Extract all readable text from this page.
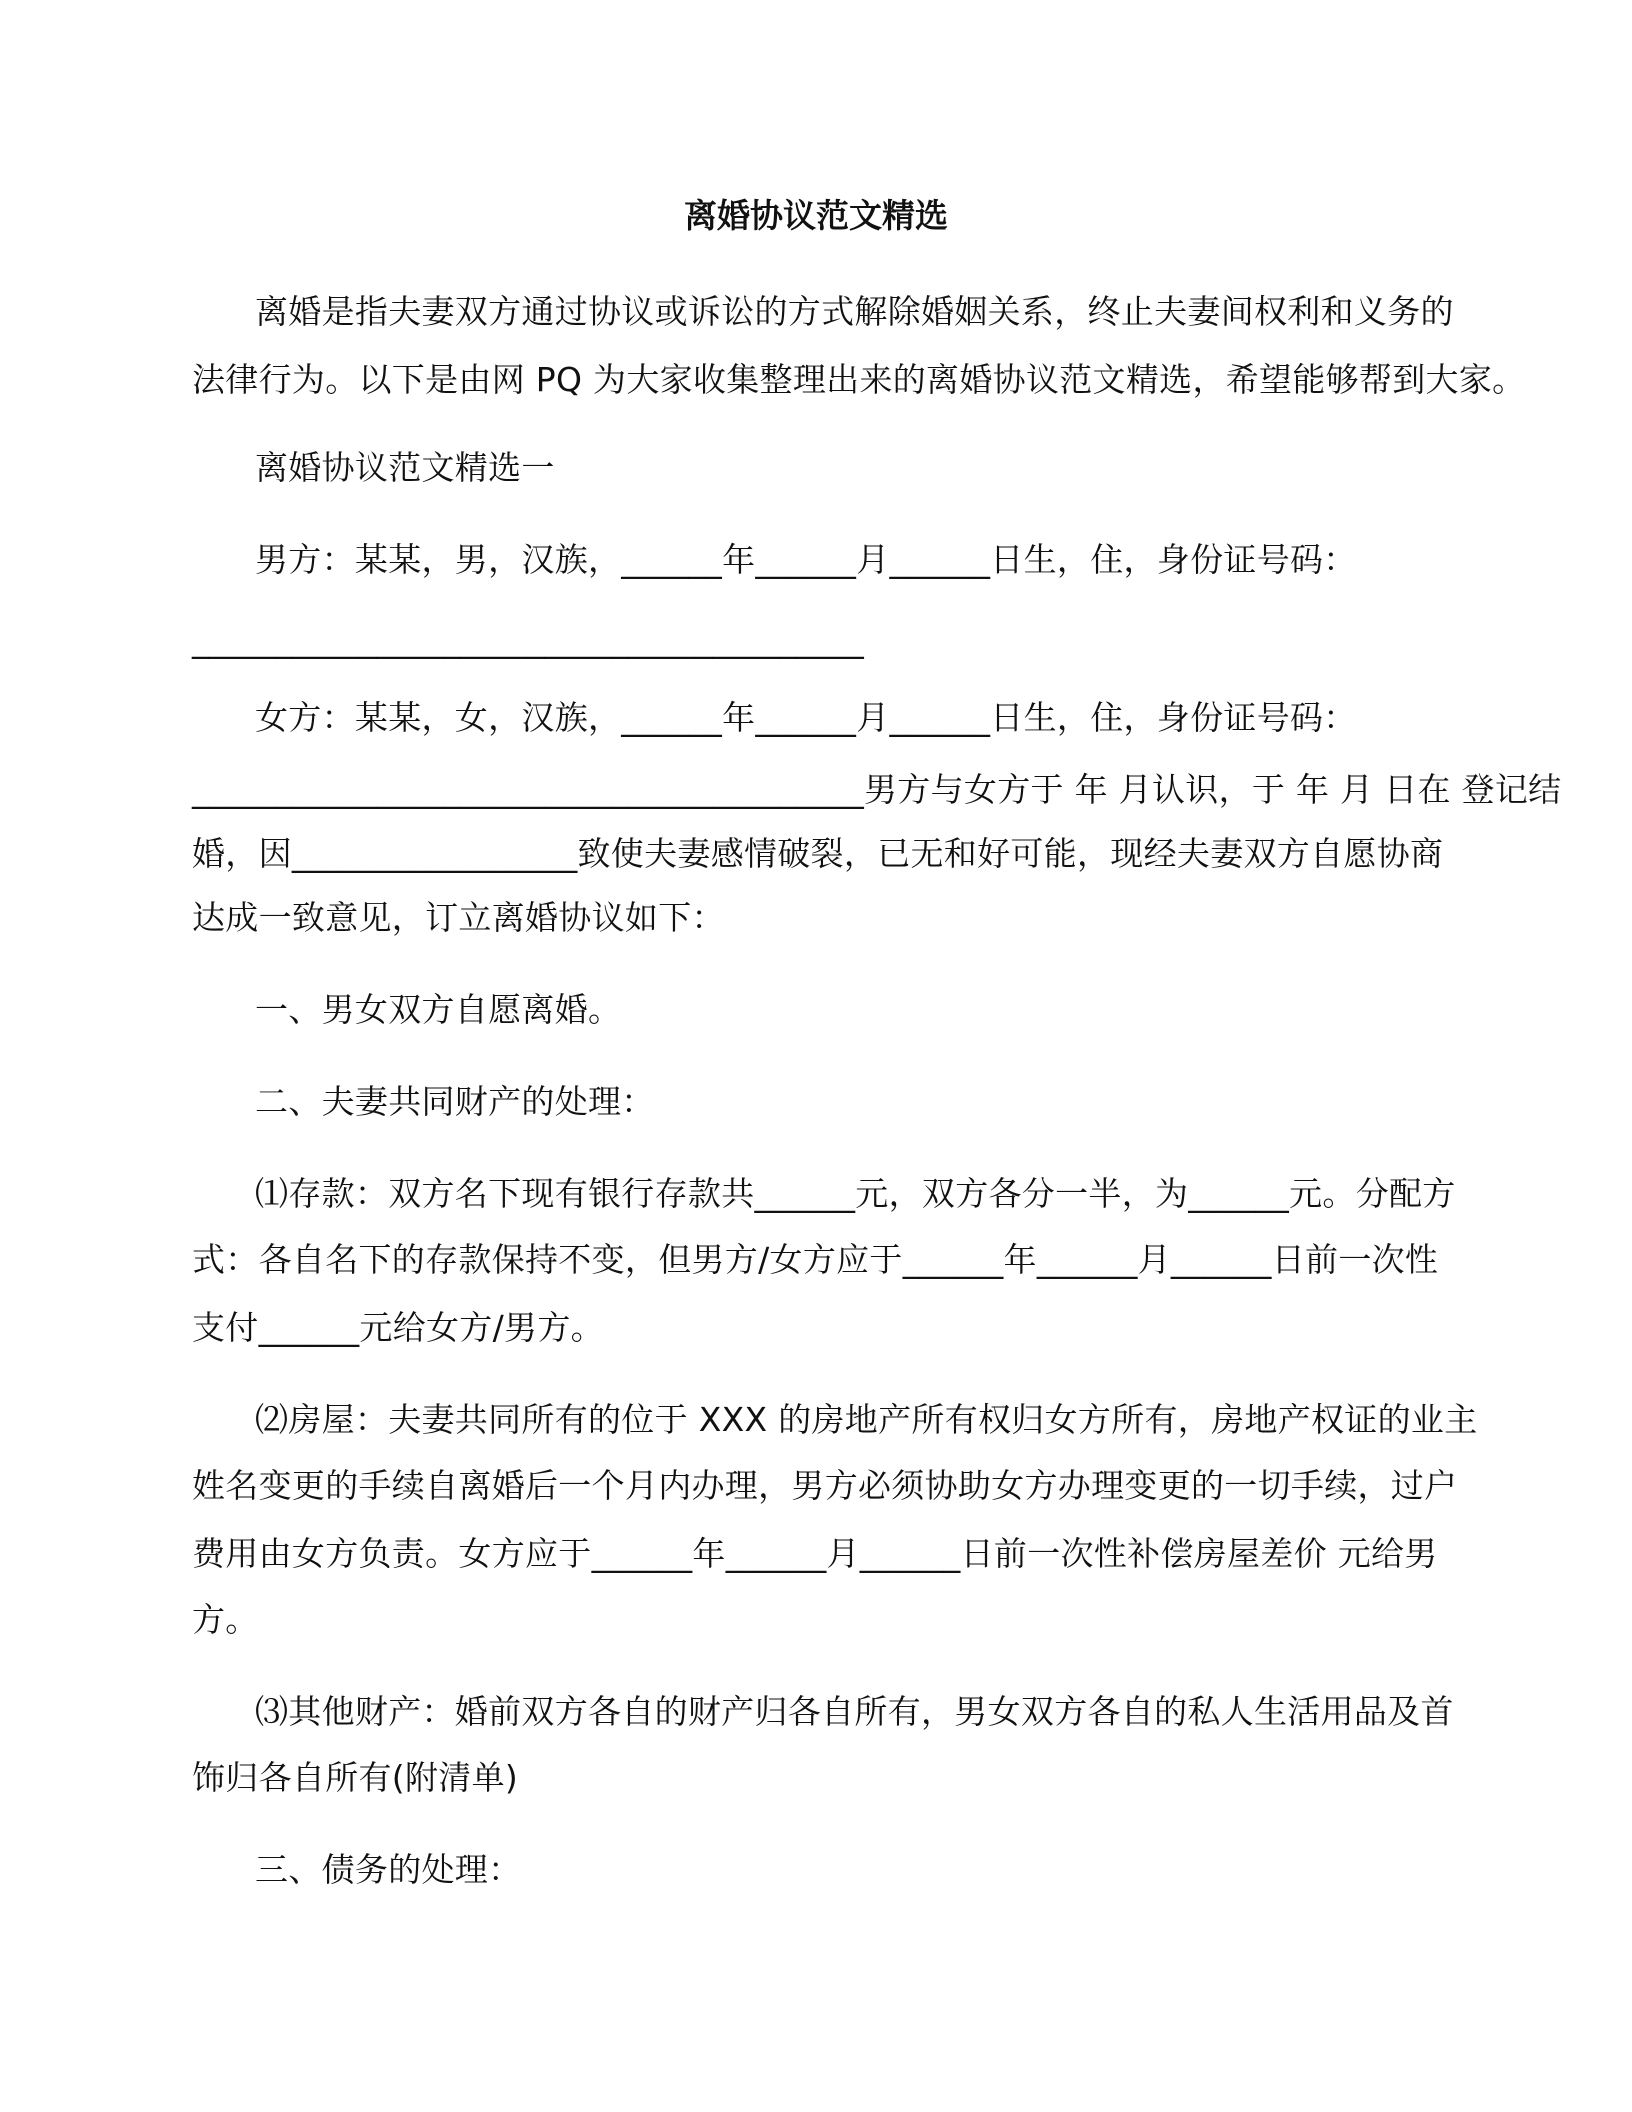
离婚协议范文精选
离婚是指夫妻双方通过协议或诉讼的方式解除婚姻关系，终止夫妻间权利和义务的
法律行为。以下是由网 PQ 为大家收集整理出来的离婚协议范文精选，希望能够帮到大家。
离婚协议范文精选一
男方：某某，男，汉族，______年______月______日生，住，身份证号码：
________________________________________
女方：某某，女，汉族，______年______月______日生，住，身份证号码：
________________________________________男方与女方于 年 月认识，于 年 月 日在 登记结
婚，因_________________致使夫妻感情破裂，已无和好可能，现经夫妻双方自愿协商
达成一致意见，订立离婚协议如下：
一、男女双方自愿离婚。
二、夫妻共同财产的处理：
⑴存款：双方名下现有银行存款共______元，双方各分一半，为______元。分配方
式：各自名下的存款保持不变，但男方/女方应于______年______月______日前一次性
支付______元给女方/男方。
⑵房屋：夫妻共同所有的位于 XXX 的房地产所有权归女方所有，房地产权证的业主
姓名变更的手续自离婚后一个月内办理，男方必须协助女方办理变更的一切手续，过户
费用由女方负责。女方应于______年______月______日前一次性补偿房屋差价 元给男
方。
⑶其他财产：婚前双方各自的财产归各自所有，男女双方各自的私人生活用品及首
饰归各自所有(附清单)
三、债务的处理：
